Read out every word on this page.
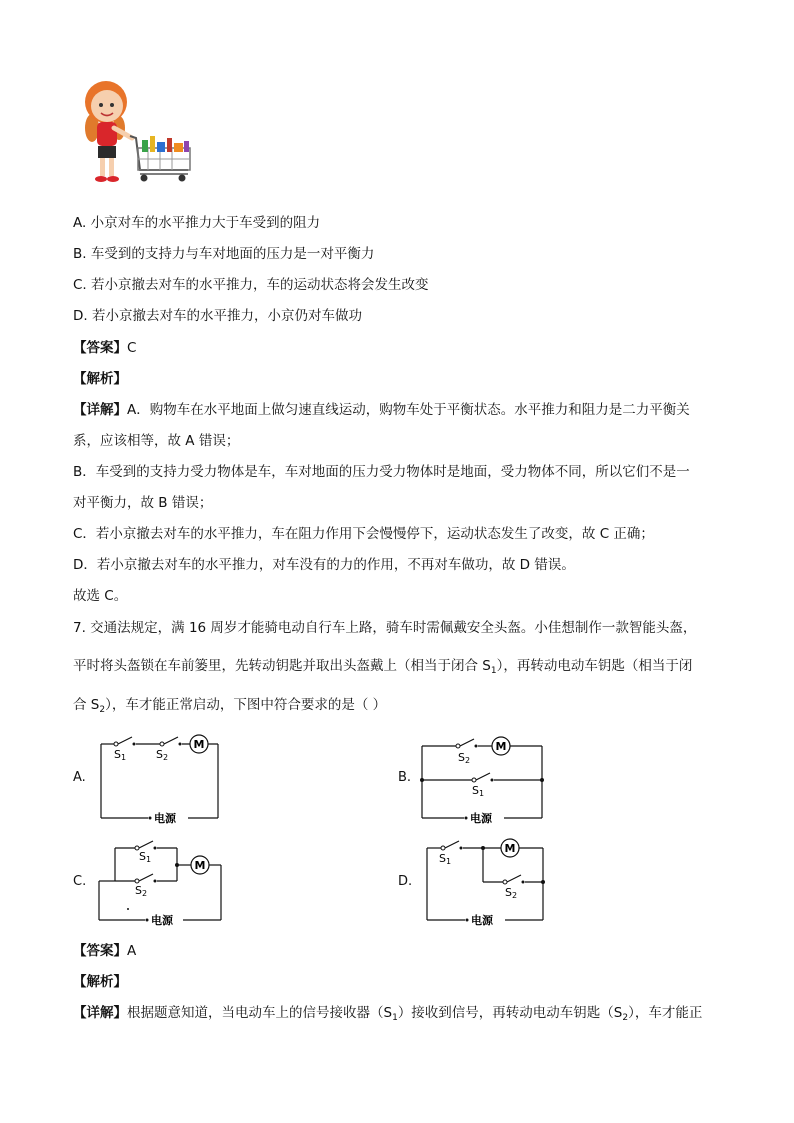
A. 小京对车的水平推力大于车受到的阻力
B. 车受到的支持力与车对地面的压力是一对平衡力
C. 若小京撤去对车的水平推力，车的运动状态将会发生改变
D. 若小京撤去对车的水平推力，小京仍对车做功
【答案】C
【解析】
【详解】A．购物车在水平地面上做匀速直线运动，购物车处于平衡状态。水平推力和阻力是二力平衡关
系，应该相等，故 A 错误；
B．车受到的支持力受力物体是车，车对地面的压力受力物体时是地面，受力物体不同，所以它们不是一
对平衡力，故 B 错误；
C．若小京撤去对车的水平推力，车在阻力作用下会慢慢停下，运动状态发生了改变，故 C 正确；
D．若小京撤去对车的水平推力，对车没有的力的作用，不再对车做功，故 D 错误。
故选 C。
7. 交通法规定，满 16 周岁才能骑电动自行车上路，骑车时需佩戴安全头盔。小佳想制作一款智能头盔，
平时将头盔锁在车前篓里，先转动钥匙并取出头盔戴上（相当于闭合 $S_1$），再转动电动车钥匙（相当于闭
合 $S_2$），车才能正常启动，下图中符合要求的是（ ）
A.	B.
C.	D.
M
S1	S2
电源
M
S2
S1
电源
M
S1
S2
电源
M
S1
S2
电源
【答案】A
【解析】
【详解】根据题意知道，当电动车上的信号接收器$(S_1)$接收到信号，再转动电动车钥匙$(S_2)$，车才能正
